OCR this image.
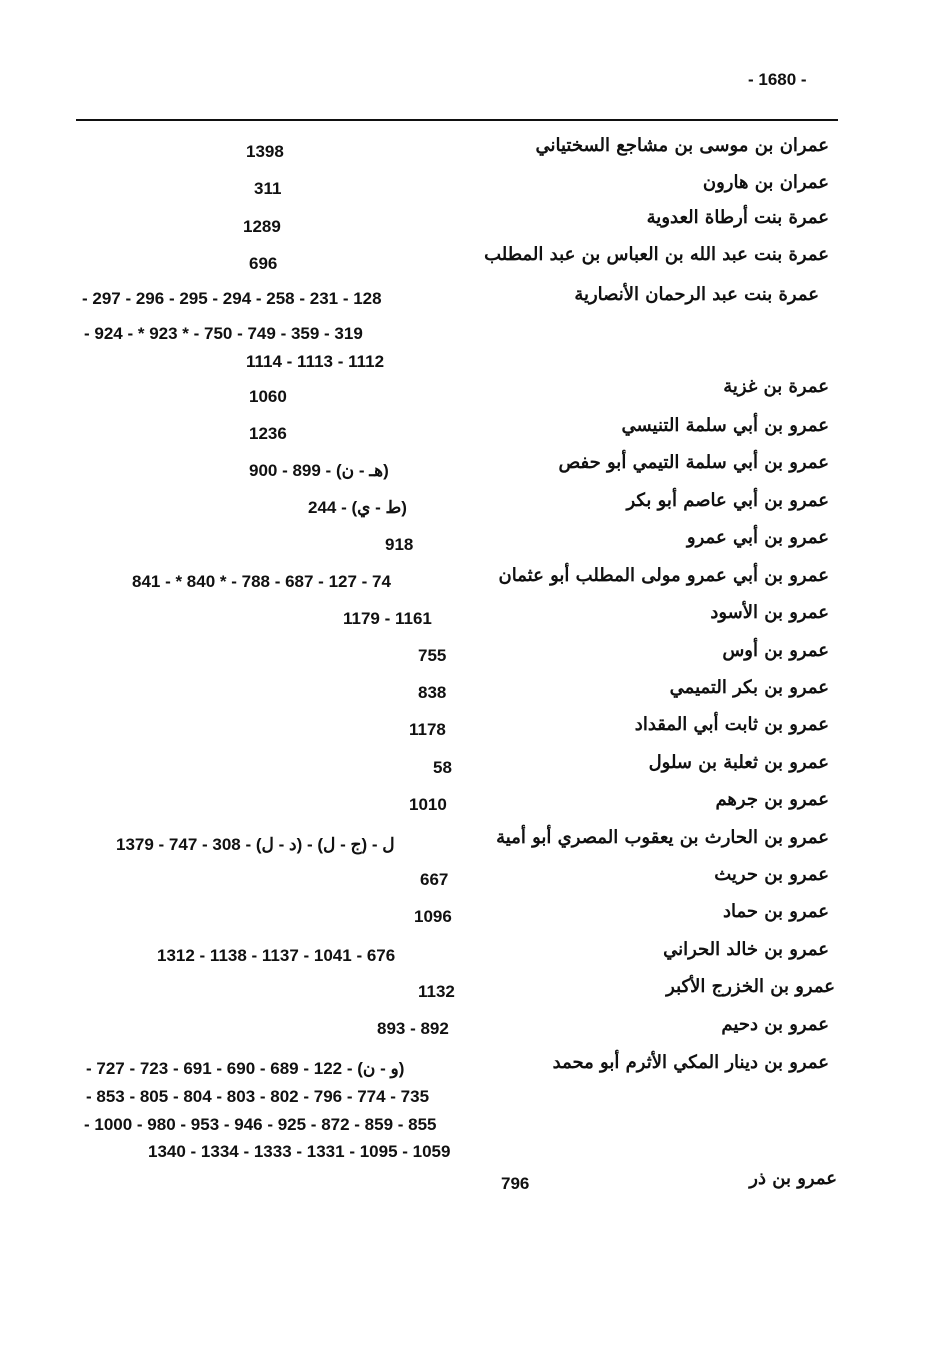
- 1680 -
عمران بن موسى بن مشاجع السختياني
1398
عمران بن هارون
311
عمرة بنت أرطاة العدوية
1289
عمرة بنت عبد الله بن العباس بن عبد المطلب
696
عمرة بنت عبد الرحمان الأنصارية
- 297 - 296 - 295 - 294 - 258 - 231 - 128
- 924 - * 923 * - 750 - 749 - 359 - 319
1114 - 1113 - 1112
عمرة بن غزية
1060
عمرو بن أبي سلمة التنيسي
1236
عمرو بن أبي سلمة التيمي أبو حفص
900 - 899 - (هـ - ن)
عمرو بن أبي عاصم أبو بكر
244 - (ط - ي)
عمرو بن أبي عمرو
918
عمرو بن أبي عمرو مولى المطلب أبو عثمان
841 - * 840 * - 788 - 687 - 127 - 74
عمرو بن الأسود
1179 - 1161
عمرو بن أوس
755
عمرو بن بكر التميمي
838
عمرو بن ثابت أبي المقداد
1178
عمرو بن ثعلبة بن سلول
58
عمرو بن جرهم
1010
عمرو بن الحارث بن يعقوب المصري أبو أمية
1379 - 747 - 308 - (د - ل) - (ج - ل) - ل
عمرو بن حريث
667
عمرو بن حماد
1096
عمرو بن خالد الحراني
1312 - 1138 - 1137 - 1041 - 676
عمرو بن الخزرج الأكبر
1132
عمرو بن دحيم
893 - 892
عمرو بن دينار المكي الأثرم أبو محمد
- 727 - 723 - 691 - 690 - 689 - 122 - (و - ن)
- 853 - 805 - 804 - 803 - 802 - 796 - 774 - 735
- 1000 - 980 - 953 - 946 - 925 - 872 - 859 - 855
1340 - 1334 - 1333 - 1331 - 1095 - 1059
عمرو بن ذر
796
